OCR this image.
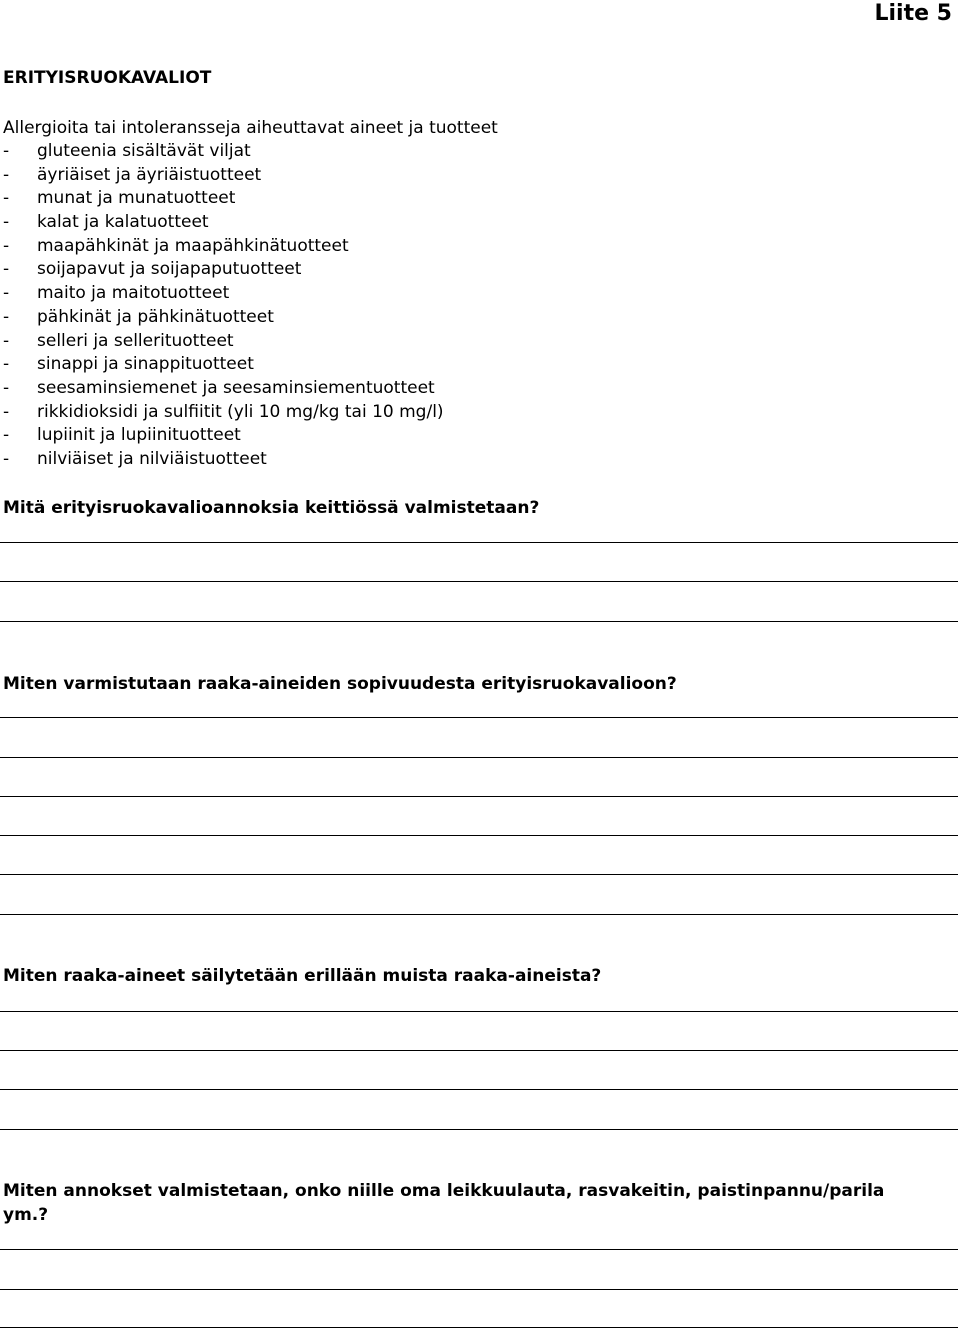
Liite 5
ERITYISRUOKAVALIOT
Allergioita tai intoleransseja aiheuttavat aineet ja tuotteet
- gluteenia sisältävät viljat
- äyriäiset ja äyriäistuotteet
- munat ja munatuotteet
- kalat ja kalatuotteet
- maapähkinät ja maapähkinätuotteet
- soijapavut ja soijapaputuotteet
- maito ja maitotuotteet
- pähkinät ja pähkinätuotteet
- selleri ja sellerituotteet
- sinappi ja sinappituotteet
- seesaminsiemenet ja seesaminsiementuotteet
- rikkidioksidi ja sulfiitit (yli 10 mg/kg tai 10 mg/l)
- lupiinit ja lupiinituotteet
- nilviäiset ja nilviäistuotteet
Mitä erityisruokavalioannoksia keittiössä valmistetaan?
Miten varmistutaan raaka-aineiden sopivuudesta erityisruokavalioon?
Miten raaka-aineet säilytetään erillään muista raaka-aineista?
Miten annokset valmistetaan, onko niille oma leikkuulauta, rasvakeitin, paistinpannu/parila ym.?
